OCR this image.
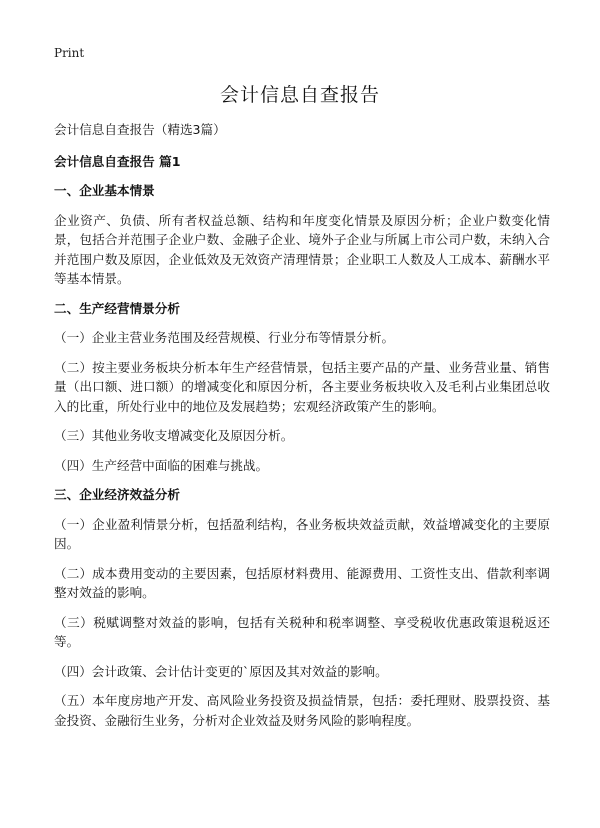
Print
会计信息自查报告

会计信息自查报告（精选3篇）

会计信息自查报告 篇1

一、企业基本情景

企业资产、负债、所有者权益总额、结构和年度变化情景及原因分析；企业户数变化情景，包括合并范围子企业户数、金融子企业、境外子企业与所属上市公司户数，未纳入合并范围户数及原因，企业低效及无效资产清理情景；企业职工人数及人工成本、薪酬水平等基本情景。

二、生产经营情景分析

（一）企业主营业务范围及经营规模、行业分布等情景分析。

（二）按主要业务板块分析本年生产经营情景，包括主要产品的产量、业务营业量、销售量（出口额、进口额）的增减变化和原因分析，各主要业务板块收入及毛利占业集团总收入的比重，所处行业中的地位及发展趋势；宏观经济政策产生的影响。

（三）其他业务收支增减变化及原因分析。

（四）生产经营中面临的困难与挑战。

三、企业经济效益分析

（一）企业盈利情景分析，包括盈利结构，各业务板块效益贡献，效益增减变化的主要原因。

（二）成本费用变动的主要因素，包括原材料费用、能源费用、工资性支出、借款利率调整对效益的影响。

（三）税赋调整对效益的影响，包括有关税种和税率调整、享受税收优惠政策退税返还等。

（四）会计政策、会计估计变更的`原因及其对效益的影响。

（五）本年度房地产开发、高风险业务投资及损益情景，包括：委托理财、股票投资、基金投资、金融衍生业务，分析对企业效益及财务风险的影响程度。
